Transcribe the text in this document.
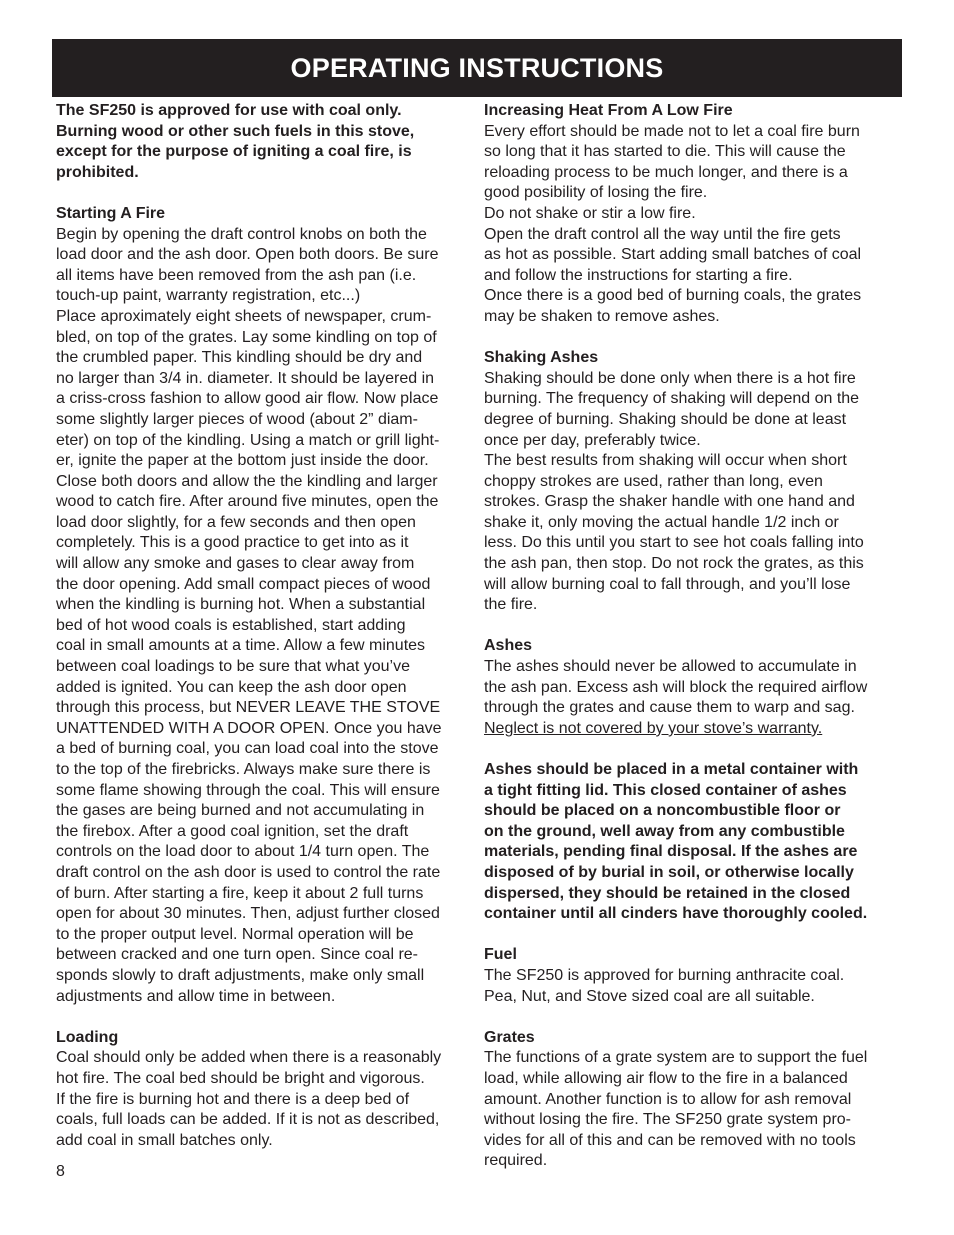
OPERATING INSTRUCTIONS
The SF250 is approved for use with coal only.
Burning wood or other such fuels in this stove,
except for the purpose of igniting a coal fire, is
prohibited.

Starting A Fire

Begin by opening the draft control knobs on both the
load door and the ash door. Open both doors. Be sure
all items have been removed from the ash pan (i.e.
touch-up paint, warranty registration, etc...)
Place aproximately eight sheets of newspaper, crum-
bled, on top of the grates. Lay some kindling on top of
the crumbled paper. This kindling should be dry and
no larger than 3/4 in. diameter. It should be layered in
a criss-cross fashion to allow good air flow. Now place
some slightly larger pieces of wood (about 2” diam-
eter) on top of the kindling. Using a match or grill light-
er, ignite the paper at the bottom just inside the door.
Close both doors and allow the the kindling and larger
wood to catch fire. After around five minutes, open the
load door slightly, for a few seconds and then open
completely. This is a good practice to get into as it
will allow any smoke and gases to clear away from
the door opening. Add small compact pieces of wood
when the kindling is burning hot. When a substantial
bed of hot wood coals is established, start adding
coal in small amounts at a time. Allow a few minutes
between coal loadings to be sure that what you’ve
added is ignited. You can keep the ash door open
through this process, but NEVER LEAVE THE STOVE
UNATTENDED WITH A DOOR OPEN. Once you have
a bed of burning coal, you can load coal into the stove
to the top of the firebricks. Always make sure there is
some flame showing through the coal. This will ensure
the gases are being burned and not accumulating in
the firebox. After a good coal ignition, set the draft
controls on the load door to about 1/4 turn open. The
draft control on the ash door is used to control the rate
of burn. After starting a fire, keep it about 2 full turns
open for about 30 minutes. Then, adjust further closed
to the proper output level. Normal operation will be
between cracked and one turn open. Since coal re-
sponds slowly to draft adjustments, make only small
adjustments and allow time in between.

Loading

Coal should only be added when there is a reasonably
hot fire. The coal bed should be bright and vigorous.
If the fire is burning hot and there is a deep bed of
coals, full loads can be added. If it is not as described,
add coal in small batches only.

Increasing Heat From A Low Fire

Every effort should be made not to let a coal fire burn
so long that it has started to die. This will cause the
reloading process to be much longer, and there is a
good posibility of losing the fire.
Do not shake or stir a low fire.
Open the draft control all the way until the fire gets
as hot as possible. Start adding small batches of coal
and follow the instructions for starting a fire.
Once there is a good bed of burning coals, the grates
may be shaken to remove ashes.

Shaking Ashes

Shaking should be done only when there is a hot fire
burning. The frequency of shaking will depend on the
degree of burning. Shaking should be done at least
once per day, preferably twice.
The best results from shaking will occur when short
choppy strokes are used, rather than long, even
strokes. Grasp the shaker handle with one hand and
shake it, only moving the actual handle 1/2 inch or
less. Do this until you start to see hot coals falling into
the ash pan, then stop. Do not rock the grates, as this
will allow burning coal to fall through, and you’ll lose
the fire.

Ashes

The ashes should never be allowed to accumulate in
the ash pan. Excess ash will block the required airflow
through the grates and cause them to warp and sag.

Neglect is not covered by your stove’s warranty.

Ashes should be placed in a metal container with
a tight fitting lid. This closed container of ashes
should be placed on a noncombustible floor or
on the ground, well away from any combustible
materials, pending final disposal. If the ashes are
disposed of by burial in soil, or otherwise locally
dispersed, they should be retained in the closed
container until all cinders have thoroughly cooled.

Fuel

The SF250 is approved for burning anthracite coal.
Pea, Nut, and Stove sized coal are all suitable.

Grates

The functions of a grate system are to support the fuel
load, while allowing air flow to the fire in a balanced
amount. Another function is to allow for ash removal
without losing the fire. The SF250 grate system pro-
vides for all of this and can be removed with no tools
required.
8
